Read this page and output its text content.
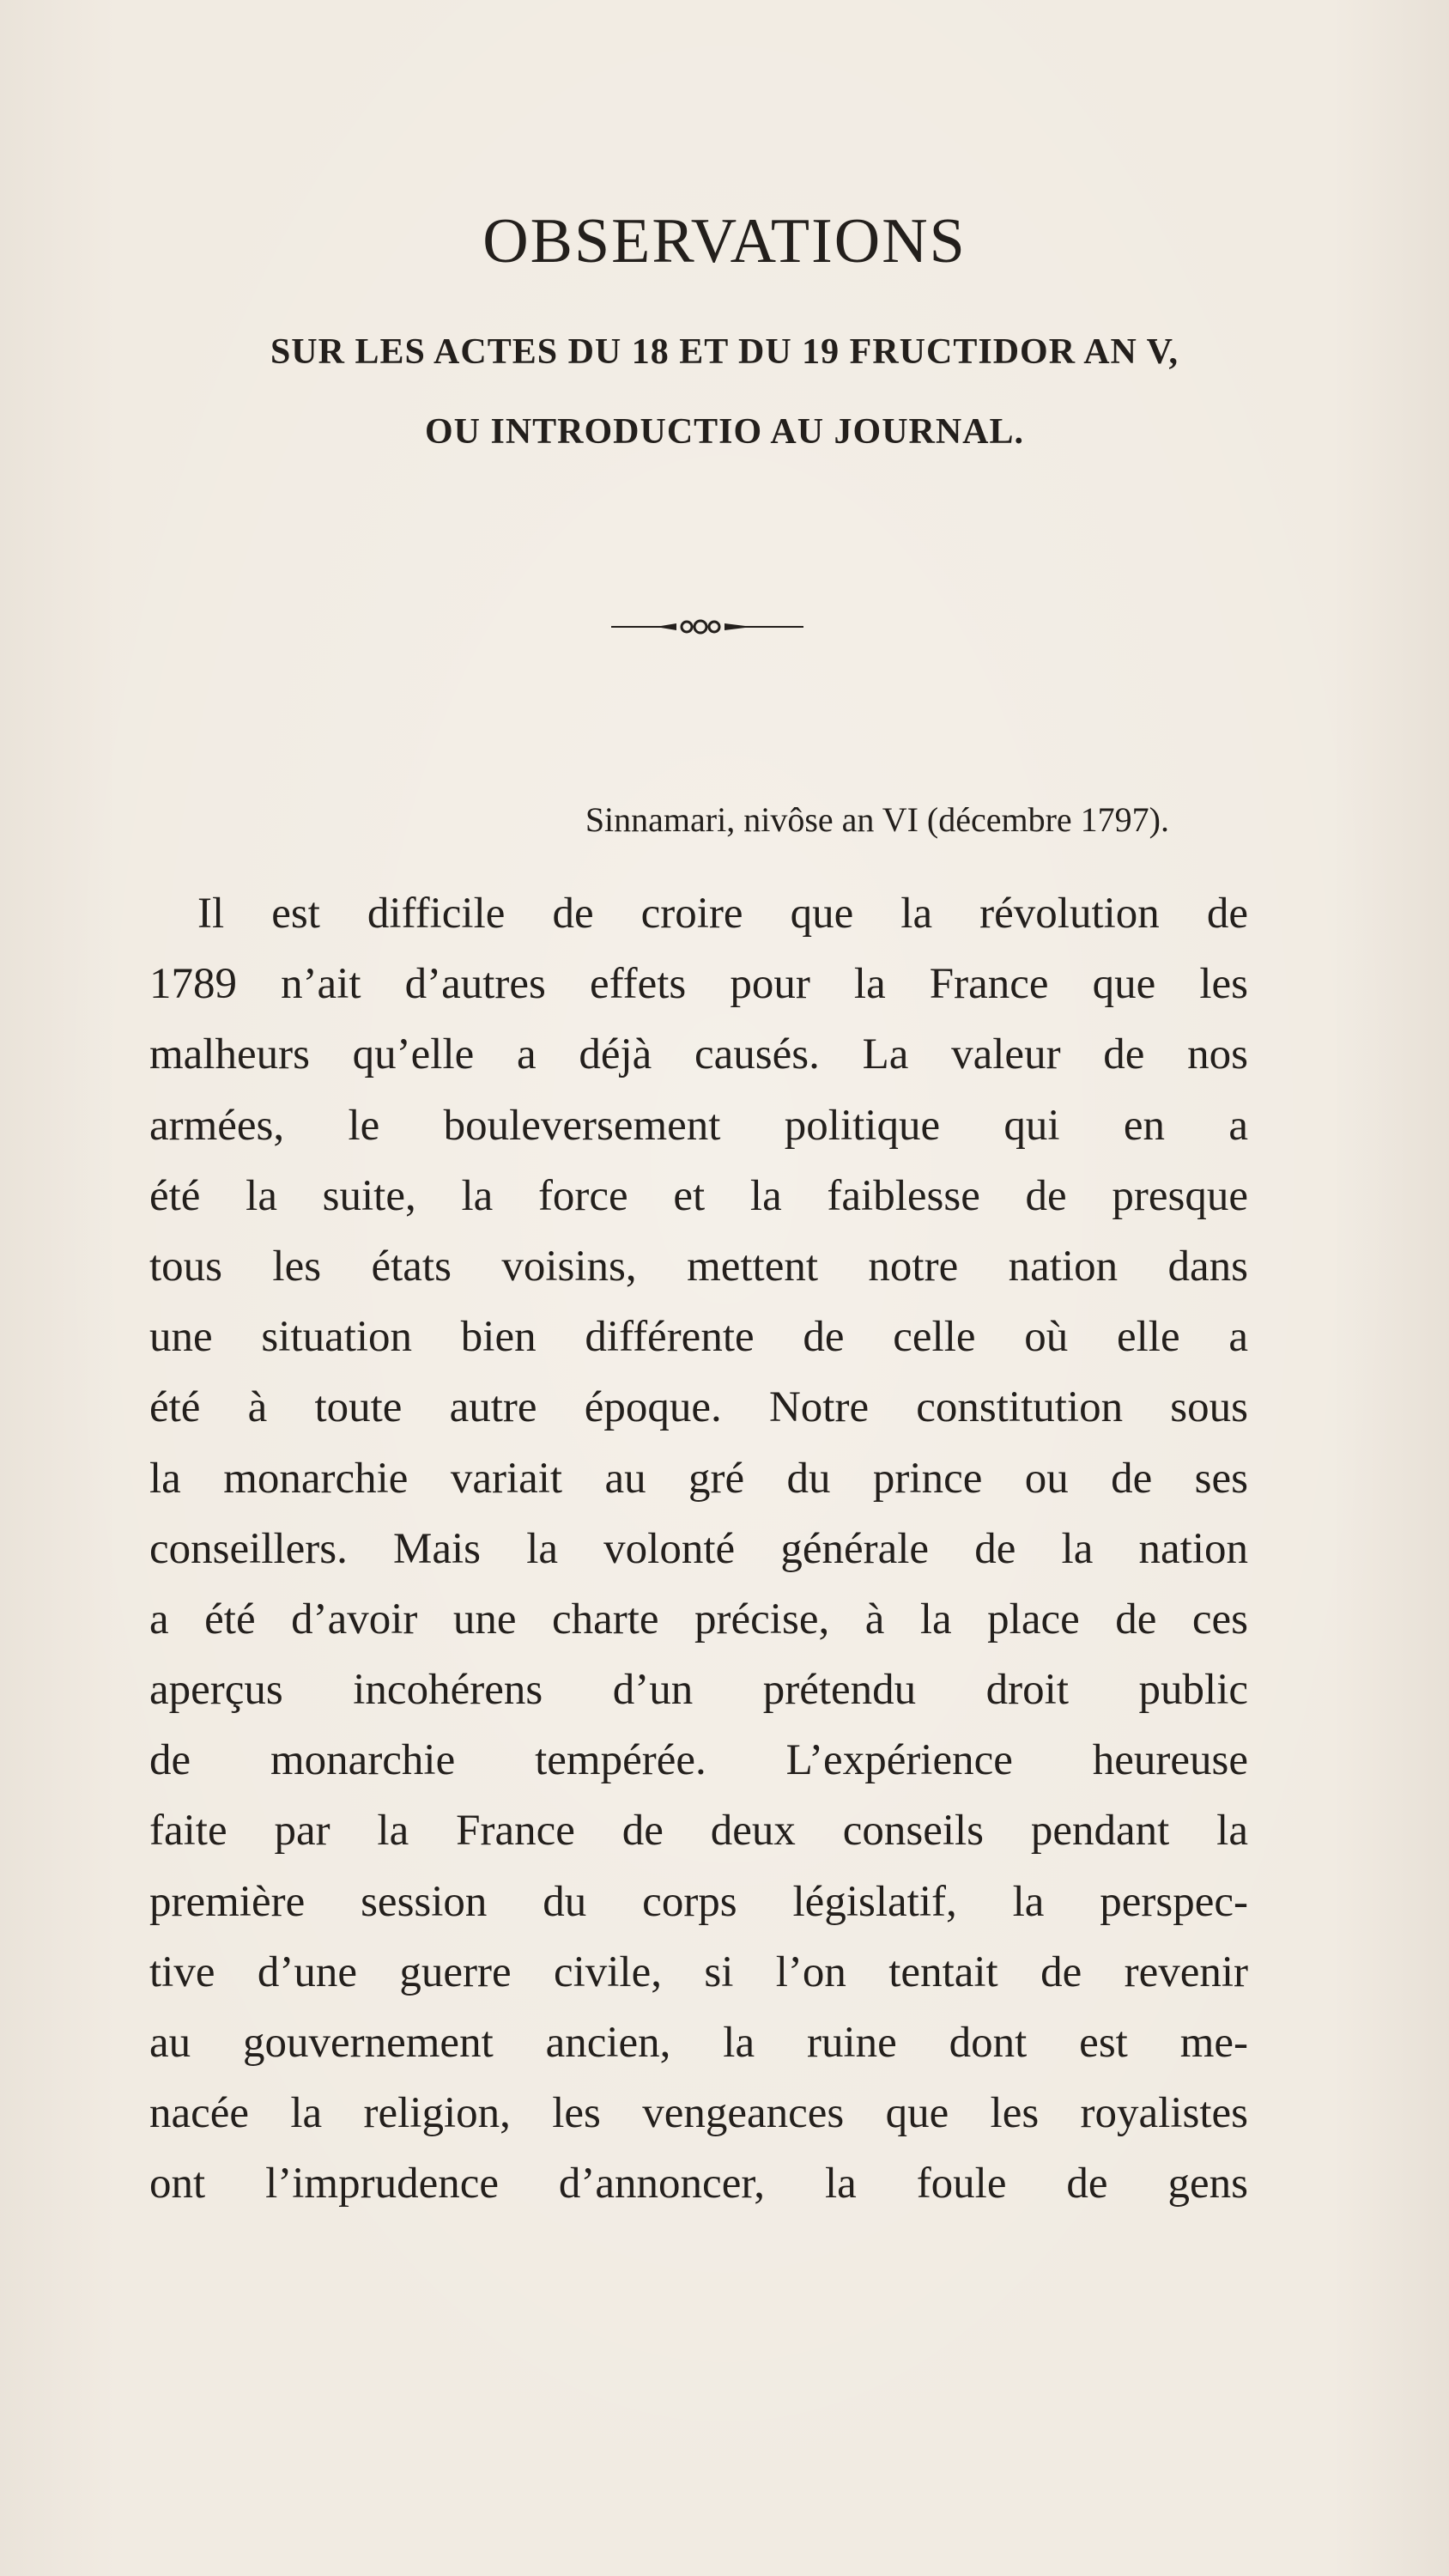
OBSERVATIONS
SUR LES ACTES DU 18 ET DU 19 FRUCTIDOR AN V,
OU INTRODUCTIO AU JOURNAL.
Sinnamari, nivôse an VI (décembre 1797).
Il est difficile de croire que la révolution de
1789 n’ait d’autres effets pour la France que les
malheurs qu’elle a déjà causés. La valeur de nos
armées, le bouleversement politique qui en a
été la suite, la force et la faiblesse de presque
tous les états voisins, mettent notre nation dans
une situation bien différente de celle où elle a
été à toute autre époque. Notre constitution sous
la monarchie variait au gré du prince ou de ses
conseillers. Mais la volonté générale de la nation
a été d’avoir une charte précise, à la place de ces
aperçus incohérens d’un prétendu droit public
de monarchie tempérée. L’expérience heureuse
faite par la France de deux conseils pendant la
première session du corps législatif, la perspec-
tive d’une guerre civile, si l’on tentait de revenir
au gouvernement ancien, la ruine dont est me-
nacée la religion, les vengeances que les royalistes
ont l’imprudence d’annoncer, la foule de gens
